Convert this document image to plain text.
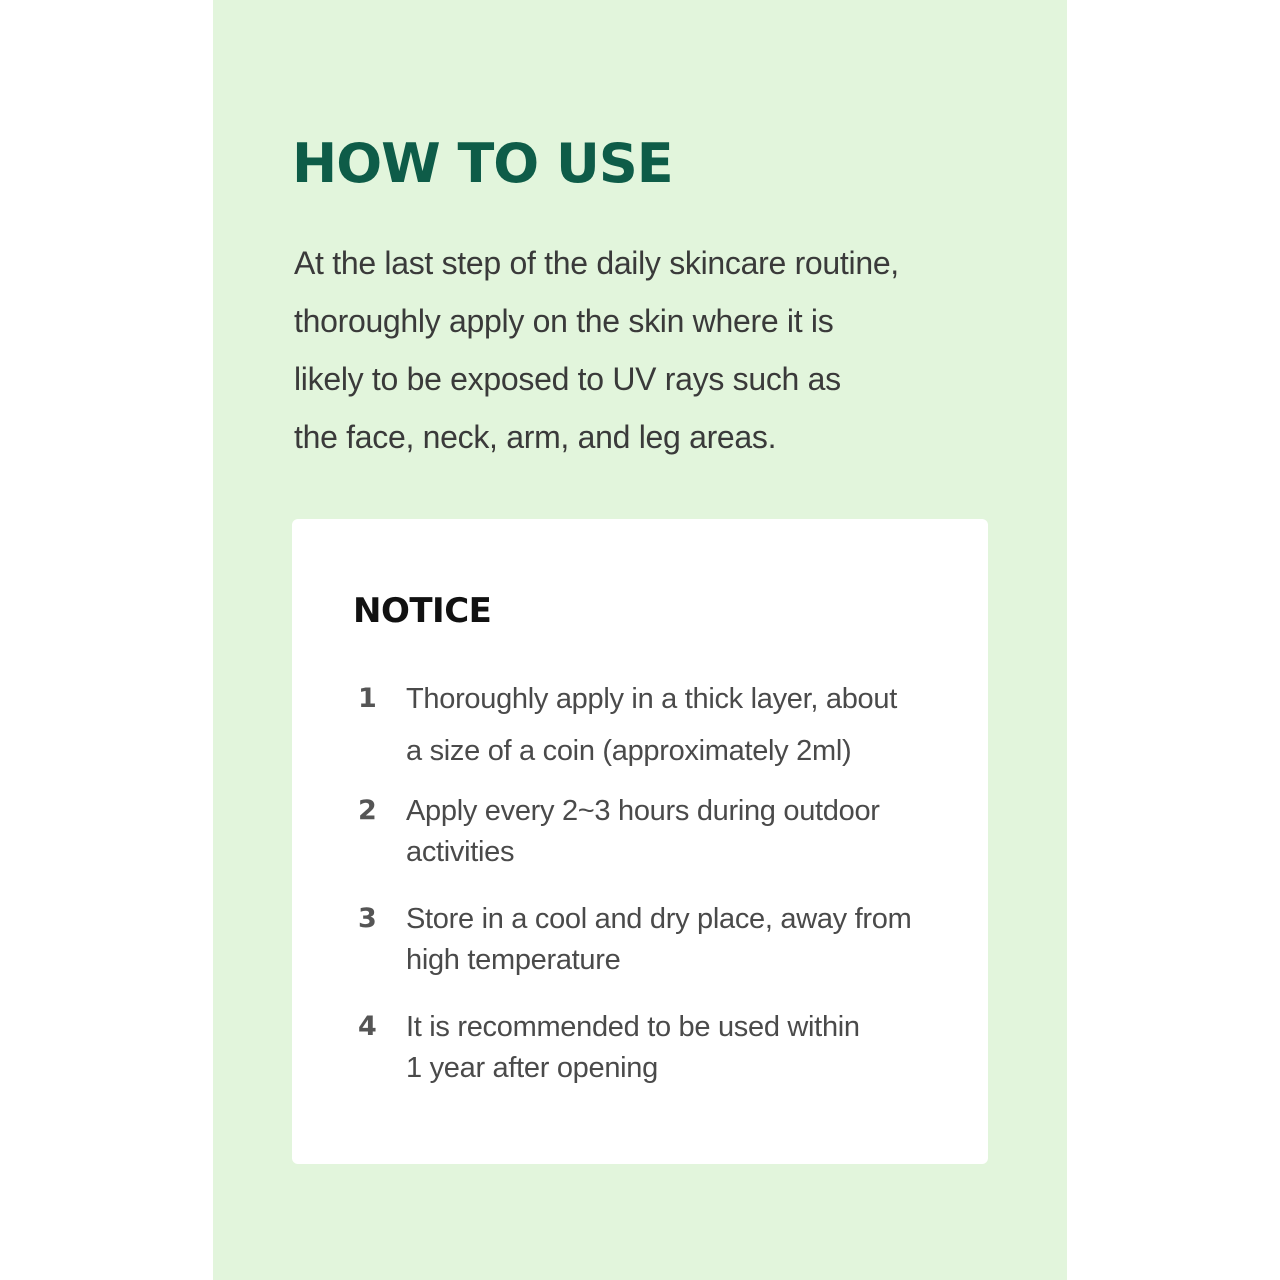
HOW TO USE

At the last step of the daily skincare routine,
thoroughly apply on the skin where it is
likely to be exposed to UV rays such as
the face, neck, arm, and leg areas.

NOTICE
1 Thoroughly apply in a thick layer, about
a size of a coin (approximately 2ml)
2 Apply every 2~3 hours during outdoor
activities
3 Store in a cool and dry place, away from
high temperature
4 It is recommended to be used within
1 year after opening
